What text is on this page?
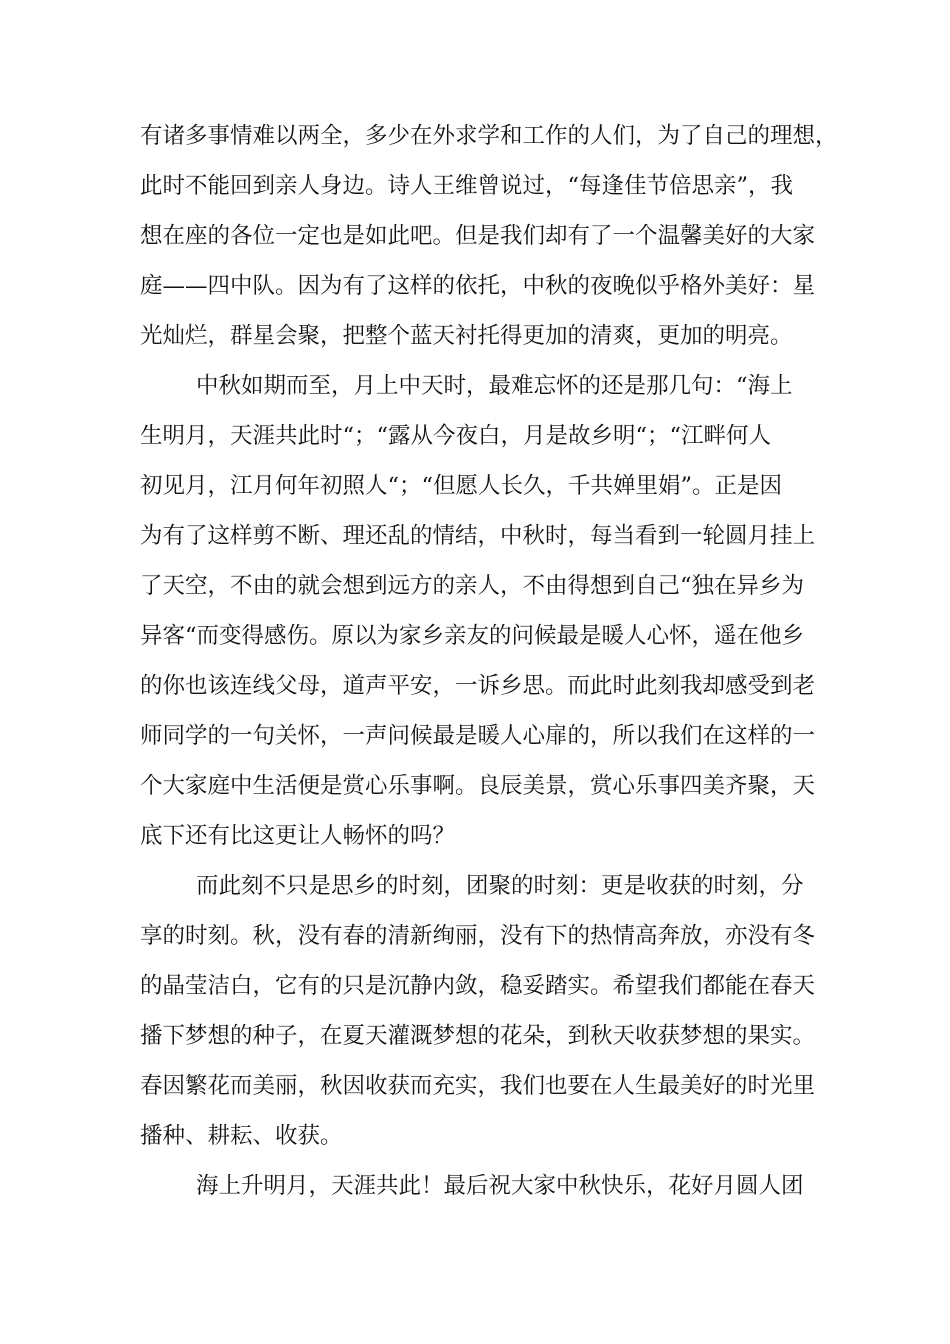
有诸多事情难以两全，多少在外求学和工作的人们，为了自己的理想，
此时不能回到亲人身边。诗人王维曾说过，“每逢佳节倍思亲”，我
想在座的各位一定也是如此吧。但是我们却有了一个温馨美好的大家
庭——四中队。因为有了这样的依托，中秋的夜晚似乎格外美好：星
光灿烂，群星会聚，把整个蓝天衬托得更加的清爽，更加的明亮。
中秋如期而至，月上中天时，最难忘怀的还是那几句：“海上
生明月，天涯共此时“；“露从今夜白，月是故乡明“；“江畔何人
初见月，江月何年初照人“；“但愿人长久，千共婵里娟”。正是因
为有了这样剪不断、理还乱的情结，中秋时，每当看到一轮圆月挂上
了天空，不由的就会想到远方的亲人，不由得想到自己“独在异乡为
异客“而变得感伤。原以为家乡亲友的问候最是暖人心怀，遥在他乡
的你也该连线父母，道声平安，一诉乡思。而此时此刻我却感受到老
师同学的一句关怀，一声问候最是暖人心扉的，所以我们在这样的一
个大家庭中生活便是赏心乐事啊。良辰美景，赏心乐事四美齐聚，天
底下还有比这更让人畅怀的吗？
而此刻不只是思乡的时刻，团聚的时刻：更是收获的时刻，分
享的时刻。秋，没有春的清新绚丽，没有下的热情高奔放，亦没有冬
的晶莹洁白，它有的只是沉静内敛，稳妥踏实。希望我们都能在春天
播下梦想的种子，在夏天灌溉梦想的花朵，到秋天收获梦想的果实。
春因繁花而美丽，秋因收获而充实，我们也要在人生最美好的时光里
播种、耕耘、收获。
海上升明月，天涯共此！最后祝大家中秋快乐，花好月圆人团
